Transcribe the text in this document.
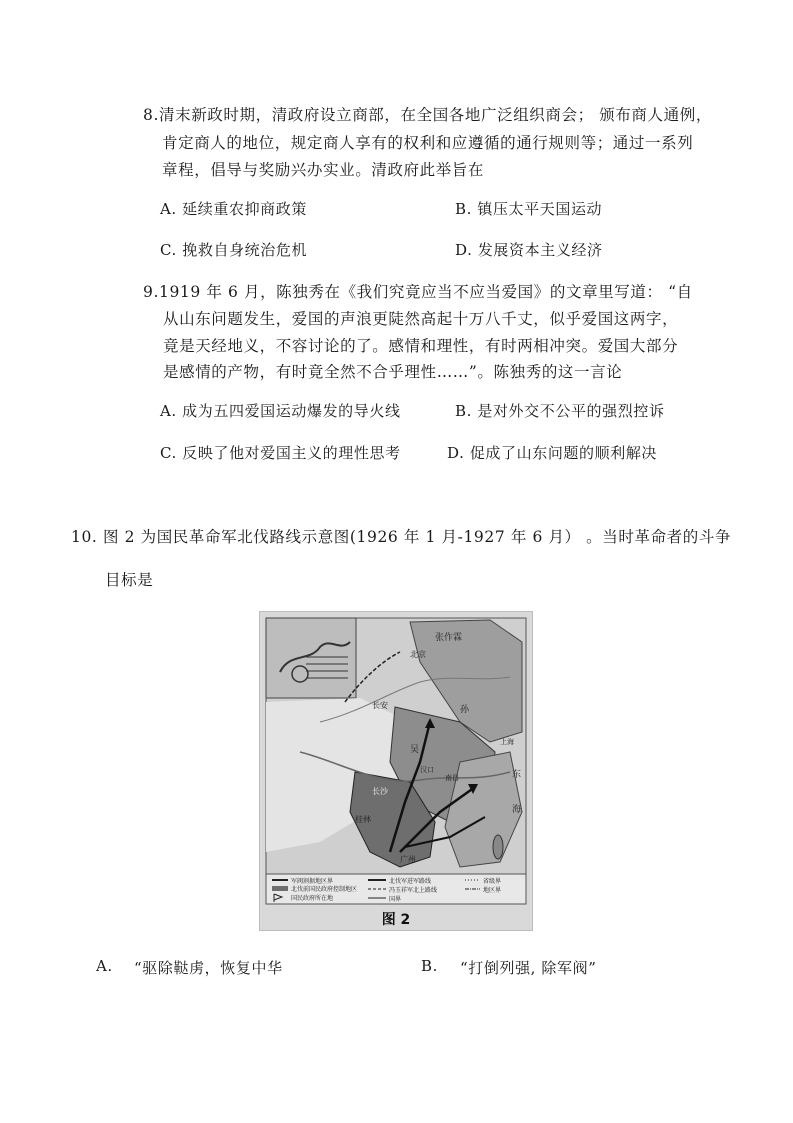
8.清末新政时期，清政府设立商部，在全国各地广泛组织商会； 颁布商人通例，
肯定商人的地位，规定商人享有的权利和应遵循的通行规则等；通过一系列
章程，倡导与奖励兴办实业。清政府此举旨在
A. 延续重农抑商政策	B. 镇压太平天国运动
C. 挽救自身统治危机	D. 发展资本主义经济
9.1919 年 6 月，陈独秀在《我们究竟应当不应当爱国》的文章里写道： “自
从山东问题发生，爱国的声浪更陡然高起十万八千丈，似乎爱国这两字，
竟是天经地义，不容讨论的了。感情和理性，有时两相冲突。爱国大部分
是感情的产物，有时竟全然不合乎理性……”。陈独秀的这一言论
A. 成为五四爱国运动爆发的导火线	B. 是对外交不公平的强烈控诉
C. 反映了他对爱国主义的理性思考	D. 促成了山东问题的顺利解决
10. 图 2 为国民革命军北伐路线示意图(1926 年 1 月-1927 年 6 月） 。当时革命者的斗争
目标是
张作霖
北京
长安	孙
吴
汉口
南昌
上海
长沙
桂林
广州
东
海
军阀割据地区界
北伐前国民政府控制地区
国民政府所在地
北伐军进军路线
冯玉祥军北上路线
国界
省级界
地区界
图 2
A. “驱除鞑虏，恢复中华	B. “打倒列强, 除军阀”
